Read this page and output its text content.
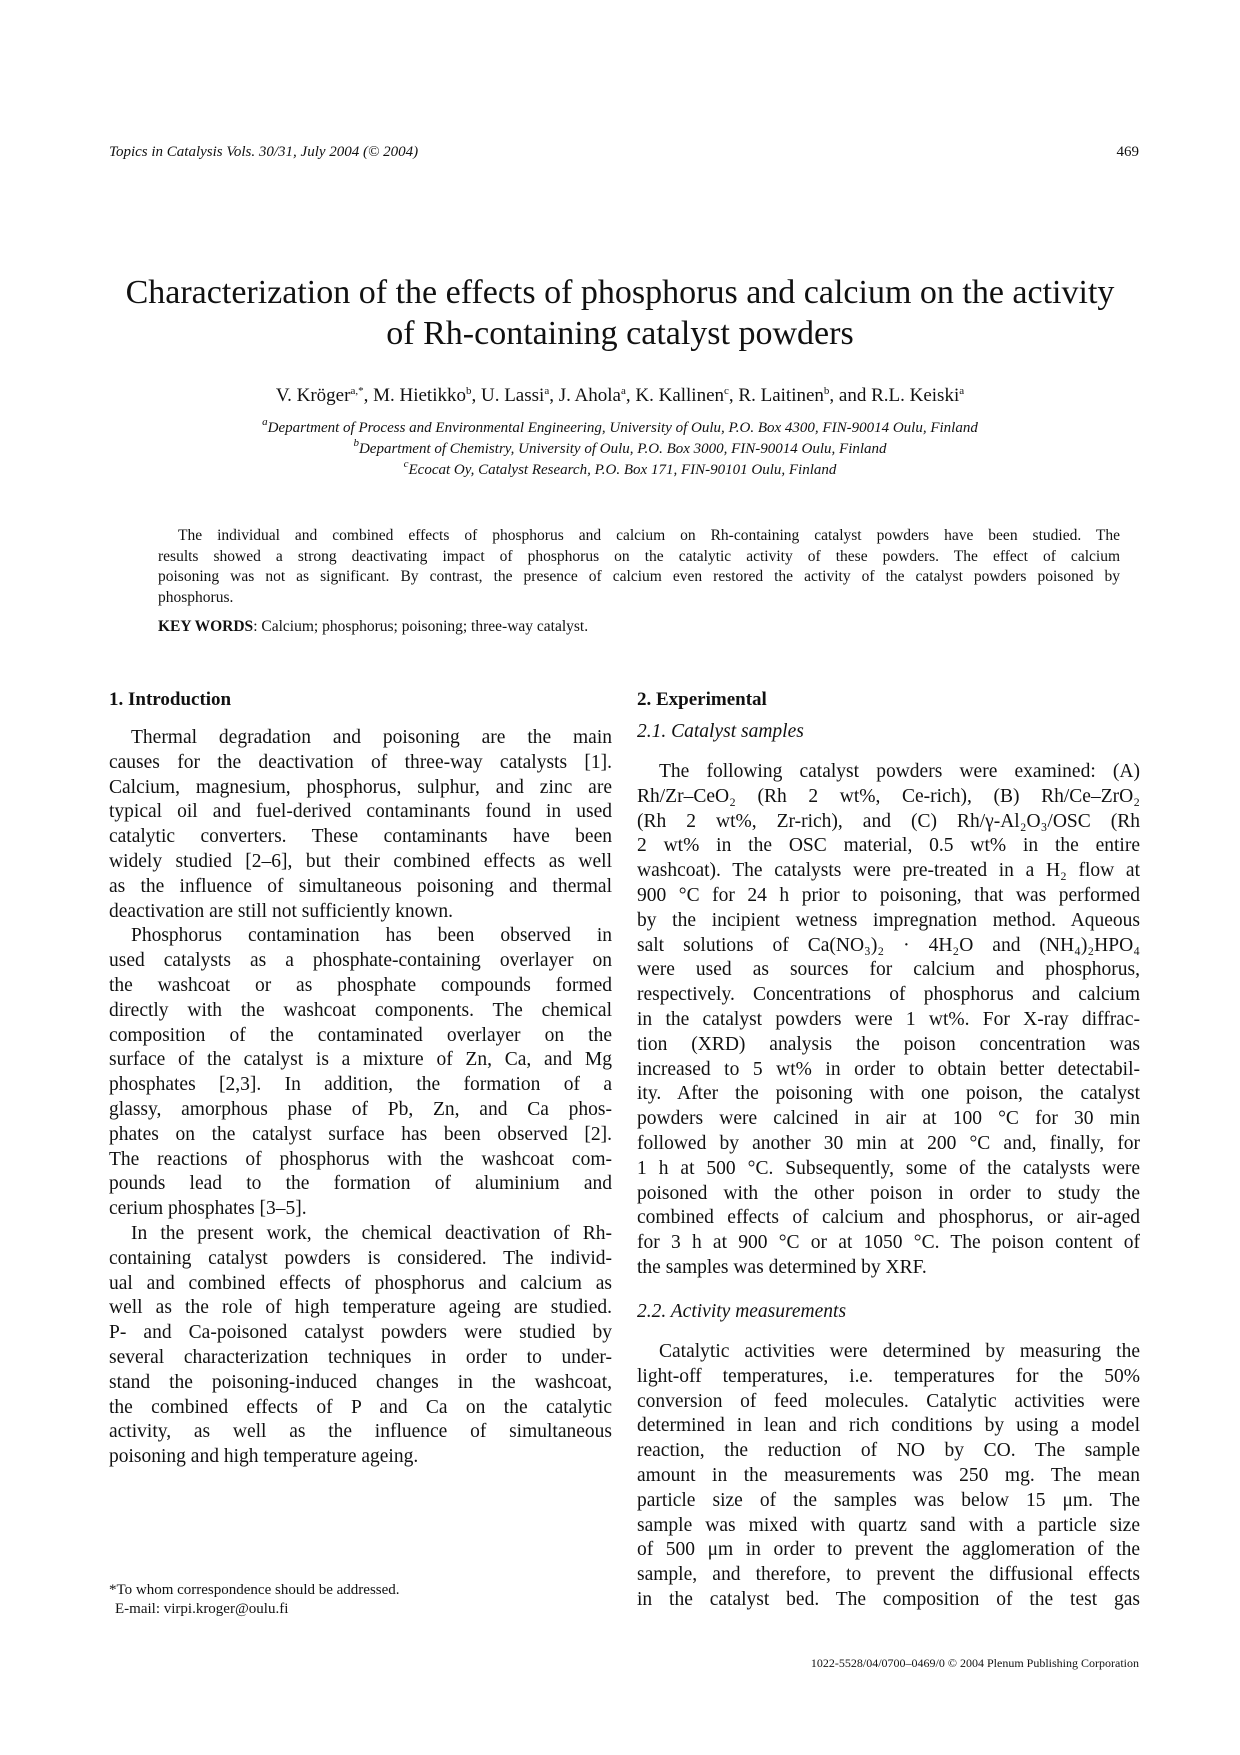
Topics in Catalysis Vols. 30/31, July 2004 (© 2004)	469
Characterization of the effects of phosphorus and calcium on the activity
of Rh-containing catalyst powders
V. Kröger$^{a,*}$, M. Hietikko$^b$, U. Lassi$^a$, J. Ahola$^a$, K. Kallinen$^c$, R. Laitinen$^b$, and R.L. Keiski$^a$
$^a$Department of Process and Environmental Engineering, University of Oulu, P.O. Box 4300, FIN-90014 Oulu, Finland
$^b$Department of Chemistry, University of Oulu, P.O. Box 3000, FIN-90014 Oulu, Finland
$^c$Ecocat Oy, Catalyst Research, P.O. Box 171, FIN-90101 Oulu, Finland
The individual and combined effects of phosphorus and calcium on Rh-containing catalyst powders have been studied. The
results showed a strong deactivating impact of phosphorus on the catalytic activity of these powders. The effect of calcium
poisoning was not as significant. By contrast, the presence of calcium even restored the activity of the catalyst powders poisoned by
phosphorus.
KEY WORDS: Calcium; phosphorus; poisoning; three-way catalyst.
1. Introduction
Thermal degradation and poisoning are the main
causes for the deactivation of three-way catalysts [1].
Calcium, magnesium, phosphorus, sulphur, and zinc are
typical oil and fuel-derived contaminants found in used
catalytic converters. These contaminants have been
widely studied [2–6], but their combined effects as well
as the influence of simultaneous poisoning and thermal
deactivation are still not sufficiently known.
Phosphorus contamination has been observed in
used catalysts as a phosphate-containing overlayer on
the washcoat or as phosphate compounds formed
directly with the washcoat components. The chemical
composition of the contaminated overlayer on the
surface of the catalyst is a mixture of Zn, Ca, and Mg
phosphates [2,3]. In addition, the formation of a
glassy, amorphous phase of Pb, Zn, and Ca phos-
phates on the catalyst surface has been observed [2].
The reactions of phosphorus with the washcoat com-
pounds lead to the formation of aluminium and
cerium phosphates [3–5].
In the present work, the chemical deactivation of Rh-
containing catalyst powders is considered. The individ-
ual and combined effects of phosphorus and calcium as
well as the role of high temperature ageing are studied.
P- and Ca-poisoned catalyst powders were studied by
several characterization techniques in order to under-
stand the poisoning-induced changes in the washcoat,
the combined effects of P and Ca on the catalytic
activity, as well as the influence of simultaneous
poisoning and high temperature ageing.
2. Experimental
2.1. Catalyst samples
The following catalyst powders were examined: (A)
Rh/Zr–CeO₂ (Rh 2 wt%, Ce-rich), (B) Rh/Ce–ZrO₂
(Rh 2 wt%, Zr-rich), and (C) Rh/γ-Al₂O₃/OSC (Rh
2 wt% in the OSC material, 0.5 wt% in the entire
washcoat). The catalysts were pre-treated in a H₂ flow at
900 °C for 24 h prior to poisoning, that was performed
by the incipient wetness impregnation method. Aqueous
salt solutions of Ca(NO₃)₂ · 4H₂O and (NH₄)₂HPO₄
were used as sources for calcium and phosphorus,
respectively. Concentrations of phosphorus and calcium
in the catalyst powders were 1 wt%. For X-ray diffrac-
tion (XRD) analysis the poison concentration was
increased to 5 wt% in order to obtain better detectabil-
ity. After the poisoning with one poison, the catalyst
powders were calcined in air at 100 °C for 30 min
followed by another 30 min at 200 °C and, finally, for
1 h at 500 °C. Subsequently, some of the catalysts were
poisoned with the other poison in order to study the
combined effects of calcium and phosphorus, or air-aged
for 3 h at 900 °C or at 1050 °C. The poison content of
the samples was determined by XRF.
2.2. Activity measurements
Catalytic activities were determined by measuring the
light-off temperatures, i.e. temperatures for the 50%
conversion of feed molecules. Catalytic activities were
determined in lean and rich conditions by using a model
reaction, the reduction of NO by CO. The sample
amount in the measurements was 250 mg. The mean
particle size of the samples was below 15 μm. The
sample was mixed with quartz sand with a particle size
of 500 μm in order to prevent the agglomeration of the
sample, and therefore, to prevent the diffusional effects
in the catalyst bed. The composition of the test gas
*To whom correspondence should be addressed.
E-mail: virpi.kroger@oulu.fi
1022-5528/04/0700–0469/0 © 2004 Plenum Publishing Corporation
